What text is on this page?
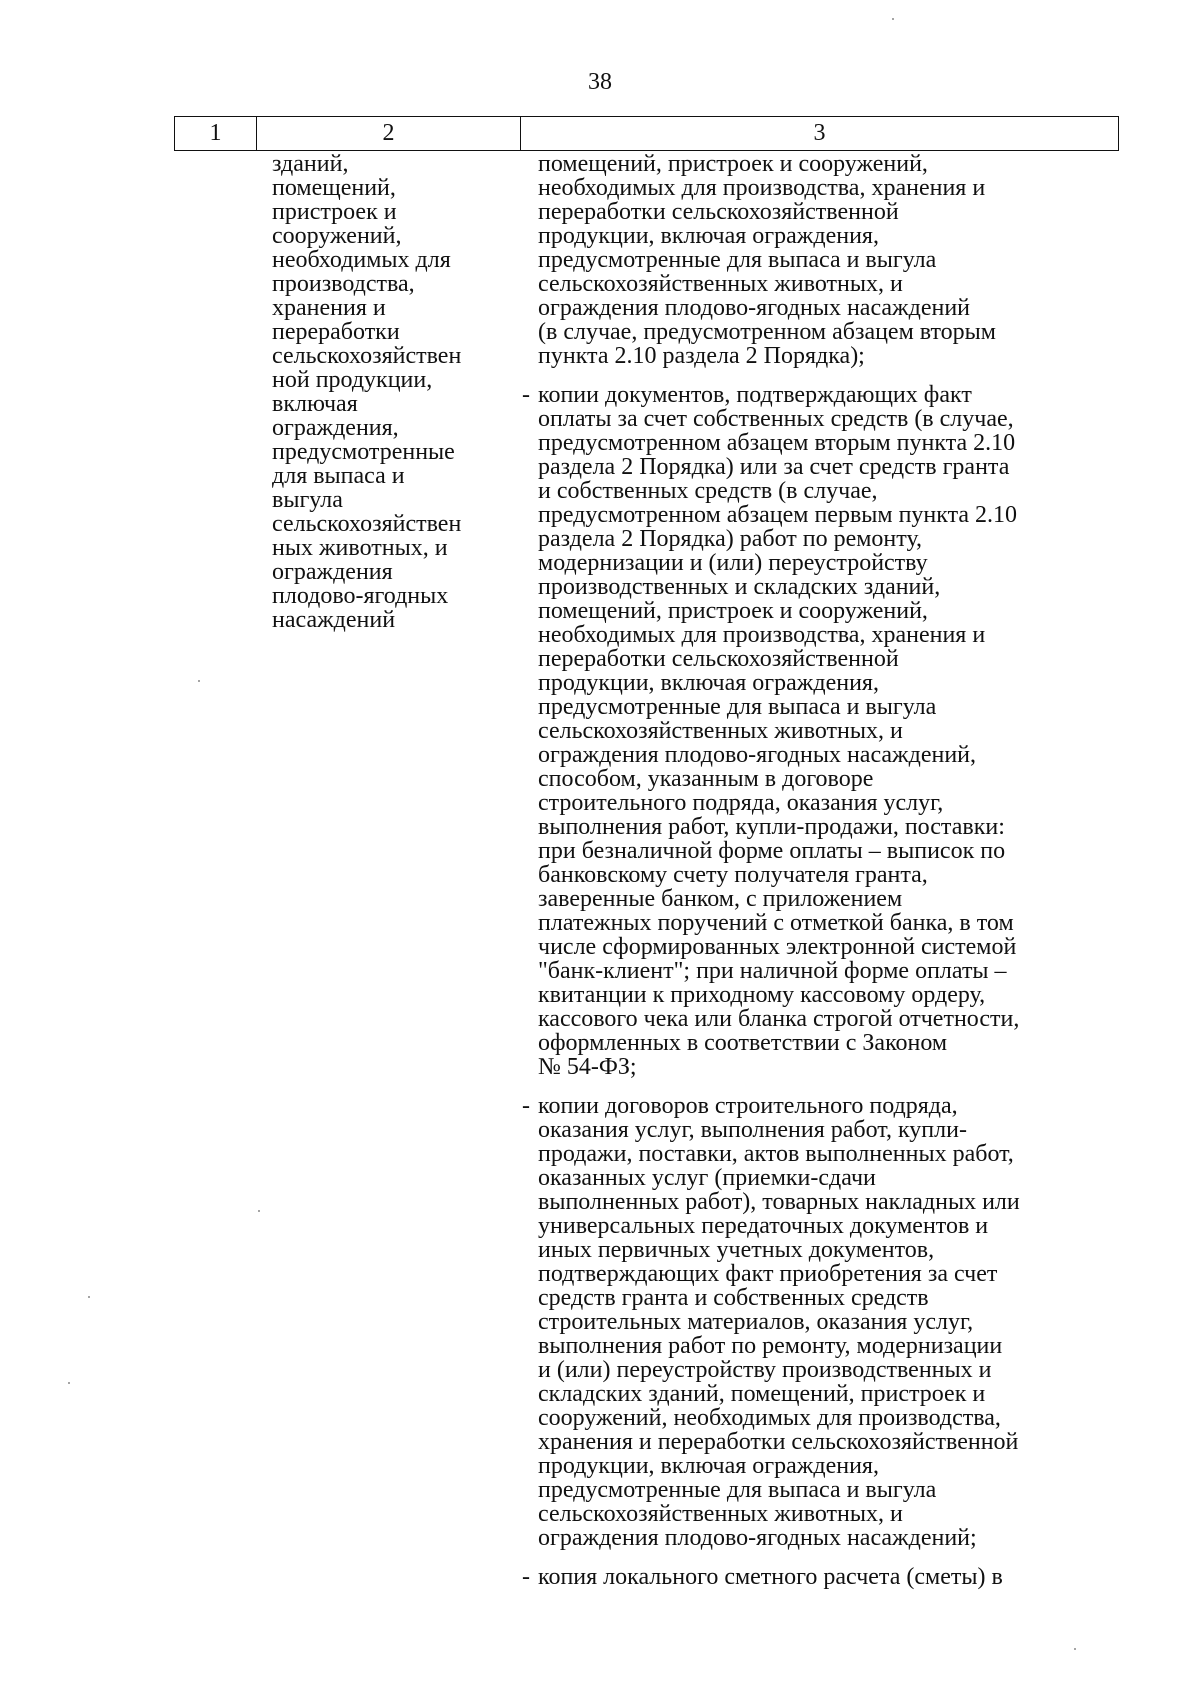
38
1	2	3
зданий,
помещений,
пристроек и
сооружений,
необходимых для
производства,
хранения и
переработки
сельскохозяйствен
ной продукции,
включая
ограждения,
предусмотренные
для выпаса и
выгула
сельскохозяйствен
ных животных, и
ограждения
плодово-ягодных
насаждений
помещений, пристроек и сооружений,
необходимых для производства, хранения и
переработки сельскохозяйственной
продукции, включая ограждения,
предусмотренные для выпаса и выгула
сельскохозяйственных животных, и
ограждения плодово-ягодных насаждений
(в случае, предусмотренном абзацем вторым
пункта 2.10 раздела 2 Порядка);
- копии документов, подтверждающих факт
оплаты за счет собственных средств (в случае,
предусмотренном абзацем вторым пункта 2.10
раздела 2 Порядка) или за счет средств гранта
и собственных средств (в случае,
предусмотренном абзацем первым пункта 2.10
раздела 2 Порядка) работ по ремонту,
модернизации и (или) переустройству
производственных и складских зданий,
помещений, пристроек и сооружений,
необходимых для производства, хранения и
переработки сельскохозяйственной
продукции, включая ограждения,
предусмотренные для выпаса и выгула
сельскохозяйственных животных, и
ограждения плодово-ягодных насаждений,
способом, указанным в договоре
строительного подряда, оказания услуг,
выполнения работ, купли-продажи, поставки:
при безналичной форме оплаты – выписок по
банковскому счету получателя гранта,
заверенные банком, с приложением
платежных поручений с отметкой банка, в том
числе сформированных электронной системой
"банк-клиент"; при наличной форме оплаты –
квитанции к приходному кассовому ордеру,
кассового чека или бланка строгой отчетности,
оформленных в соответствии с Законом
№ 54-ФЗ;
- копии договоров строительного подряда,
оказания услуг, выполнения работ, купли-
продажи, поставки, актов выполненных работ,
оказанных услуг (приемки-сдачи
выполненных работ), товарных накладных или
универсальных передаточных документов и
иных первичных учетных документов,
подтверждающих факт приобретения за счет
средств гранта и собственных средств
строительных материалов, оказания услуг,
выполнения работ по ремонту, модернизации
и (или) переустройству производственных и
складских зданий, помещений, пристроек и
сооружений, необходимых для производства,
хранения и переработки сельскохозяйственной
продукции, включая ограждения,
предусмотренные для выпаса и выгула
сельскохозяйственных животных, и
ограждения плодово-ягодных насаждений;
- копия локального сметного расчета (сметы) в
